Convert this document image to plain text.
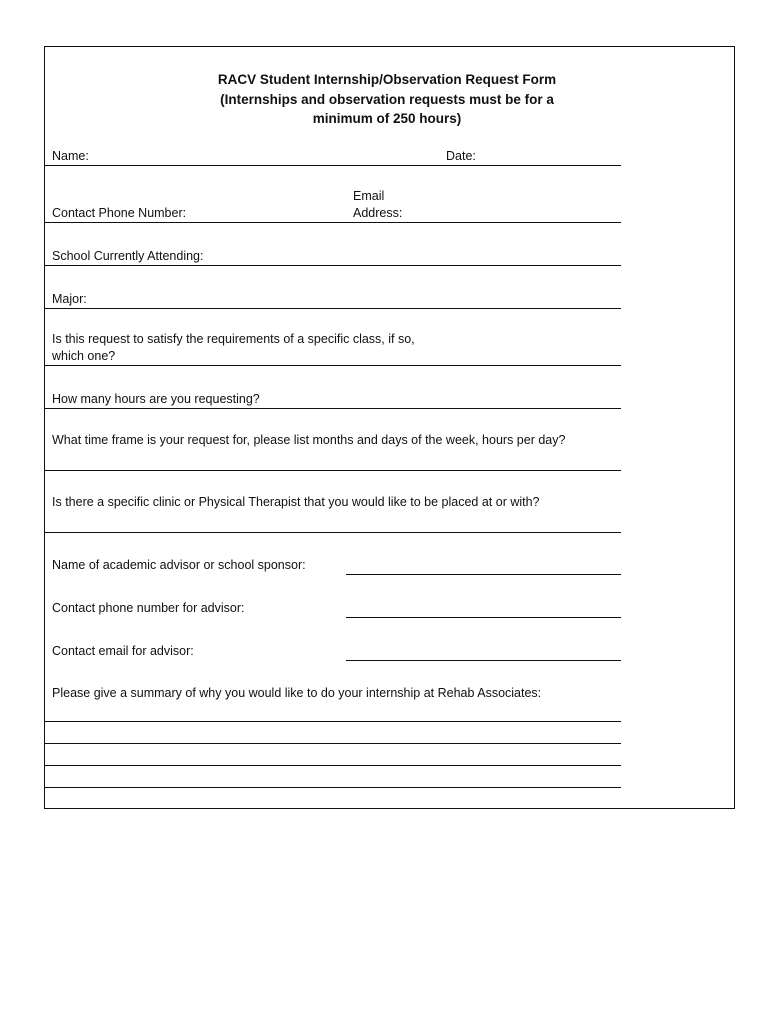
RACV Student Internship/Observation Request Form
(Internships and observation requests must be for a
minimum of 250 hours)
Name:	Date:
Email
Contact Phone Number:	Address:
School Currently Attending:
Major:
Is this request to satisfy the requirements of a specific class, if so,
which one?
How many hours are you requesting?
What time frame is your request for, please list months and days of the week, hours per day?
Is there a specific clinic or Physical Therapist that you would like to be placed at or with?
Name of academic advisor or school sponsor:
Contact phone number for advisor:
Contact email for advisor:
Please give a summary of why you would like to do your internship at Rehab Associates:
